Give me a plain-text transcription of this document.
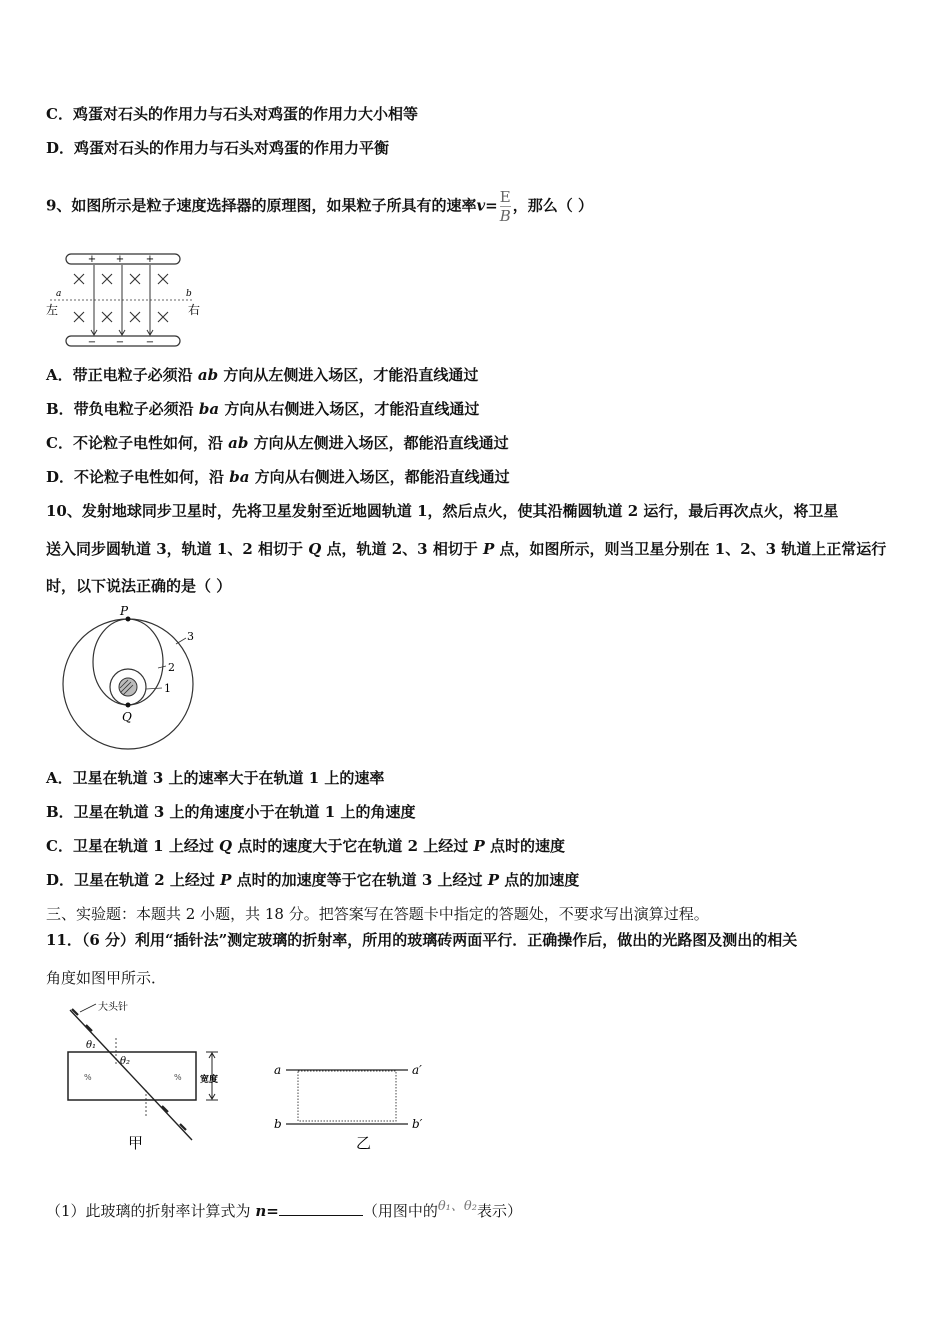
C．鸡蛋对石头的作用力与石头对鸡蛋的作用力大小相等
D．鸡蛋对石头的作用力与石头对鸡蛋的作用力平衡
9、如图所示是粒子速度选择器的原理图，如果粒子所具有的速率$v= \frac{E}{B}$ ，那么（ ）
+ + +
− − −
a	b
左	右
A．带正电粒子必须沿 ab 方向从左侧进入场区，才能沿直线通过
B．带负电粒子必须沿 ba 方向从右侧进入场区，才能沿直线通过
C．不论粒子电性如何，沿 ab 方向从左侧进入场区，都能沿直线通过
D．不论粒子电性如何，沿 ba 方向从右侧进入场区，都能沿直线通过
10、发射地球同步卫星时，先将卫星发射至近地圆轨道 1，然后点火，使其沿椭圆轨道 2 运行，最后再次点火，将卫星
送入同步圆轨道 3，轨道 1、2 相切于 Q 点，轨道 2、3 相切于 P 点，如图所示，则当卫星分别在 1、2、3 轨道上正常运行
时，以下说法正确的是（ ）
P
Q
3
2
1
A．卫星在轨道 3 上的速率大于在轨道 1 上的速率
B．卫星在轨道 3 上的角速度小于在轨道 1 上的角速度
C．卫星在轨道 1 上经过 Q 点时的速度大于它在轨道 2 上经过 P 点时的速度
D．卫星在轨道 2 上经过 P 点时的加速度等于它在轨道 3 上经过 P 点的加速度
三、实验题：本题共 2 小题，共 18 分。把答案写在答题卡中指定的答题处，不要求写出演算过程。
11．（6 分）利用“插针法”测定玻璃的折射率，所用的玻璃砖两面平行．正确操作后，做出的光路图及测出的相关
角度如图甲所示．
大头针
θ₁
θ₂
%	% 宽度
甲
a	a′
b	b′
乙
（1）此玻璃的折射率计算式为 n=	（用图中的θ₁、θ₂表示）
